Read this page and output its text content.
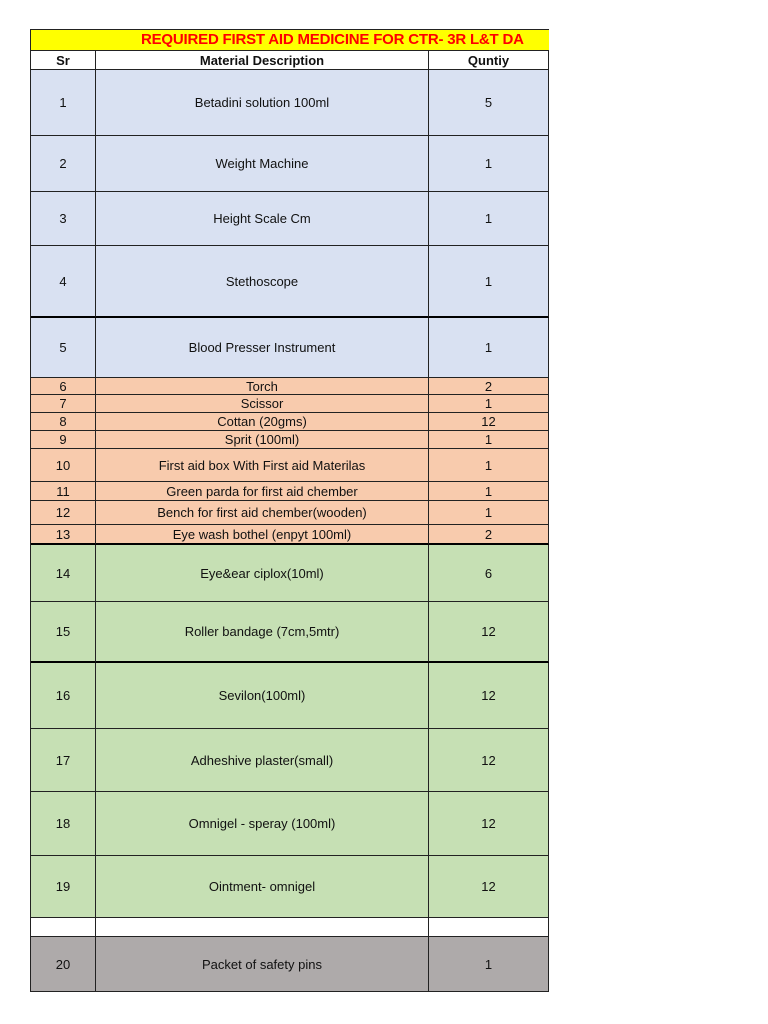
REQUIRED FIRST AID MEDICINE FOR CTR- 3R L&T DA
Sr	Material Description	Quntiy
1	Betadini solution 100ml	5
2	Weight Machine	1
3	Height Scale Cm	1
4	Stethoscope	1
5	Blood Presser Instrument	1
6	Torch	2
7	Scissor	1
8	Cottan (20gms)	12
9	Sprit (100ml)	1
10	First aid box With First aid Materilas	1
11	Green parda for first aid chember	1
12	Bench for first aid chember(wooden)	1
13	Eye wash bothel (enpyt 100ml)	2
14	Eye&ear ciplox(10ml)	6
15	Roller bandage (7cm,5mtr)	12
16	Sevilon(100ml)	12
17	Adheshive plaster(small)	12
18	Omnigel - speray (100ml)	12
19	Ointment- omnigel	12
20	Packet of safety pins	1
